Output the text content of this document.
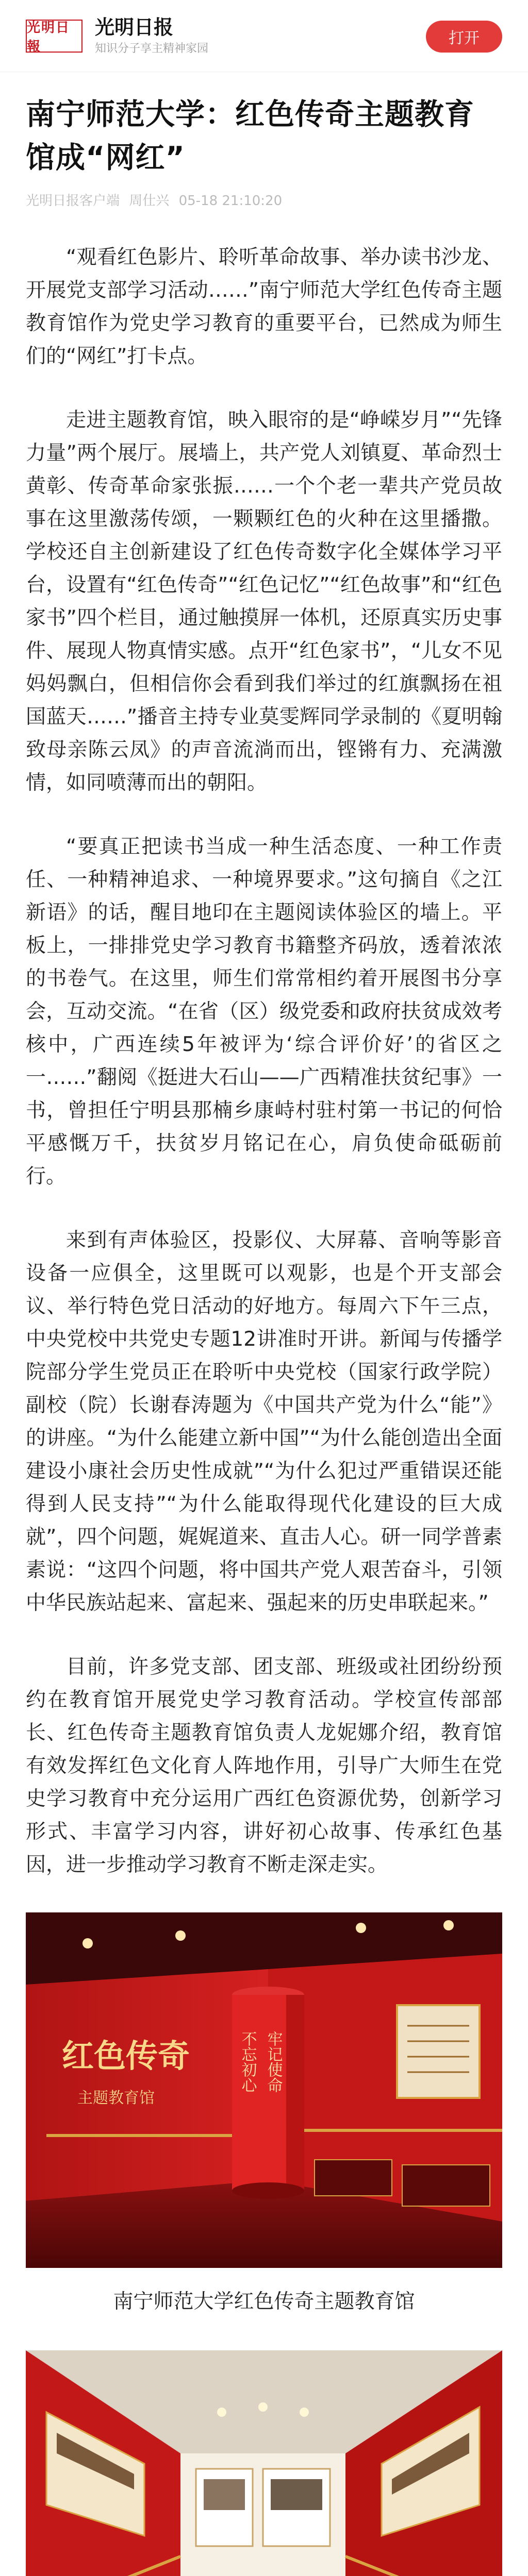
光明日報
光明日报
知识分子享主精神家园
打开
南宁师范大学：红色传奇主题教育馆成“网红”
光明日报客户端 周仕兴 05-18 21:10:20

“观看红色影片、聆听革命故事、举办读书沙龙、开展党支部学习活动……”南宁师范大学红色传奇主题教育馆作为党史学习教育的重要平台，已然成为师生们的“网红”打卡点。

走进主题教育馆，映入眼帘的是“峥嵘岁月”“先锋力量”两个展厅。展墙上，共产党人刘镇夏、革命烈士黄彰、传奇革命家张振……一个个老一辈共产党员故事在这里激荡传颂，一颗颗红色的火种在这里播撒。学校还自主创新建设了红色传奇数字化全媒体学习平台，设置有“红色传奇”“红色记忆”“红色故事”和“红色家书”四个栏目，通过触摸屏一体机，还原真实历史事件、展现人物真情实感。点开“红色家书”，“儿女不见妈妈飘白，但相信你会看到我们举过的红旗飘扬在祖国蓝天……”播音主持专业莫雯辉同学录制的《夏明翰致母亲陈云凤》的声音流淌而出，铿锵有力、充满激情，如同喷薄而出的朝阳。

“要真正把读书当成一种生活态度、一种工作责任、一种精神追求、一种境界要求。”这句摘自《之江新语》的话，醒目地印在主题阅读体验区的墙上。平板上，一排排党史学习教育书籍整齐码放，透着浓浓的书卷气。在这里，师生们常常相约着开展图书分享会，互动交流。“在省（区）级党委和政府扶贫成效考核中，广西连续5年被评为‘综合评价好’的省区之一……”翻阅《挺进大石山——广西精准扶贫纪事》一书，曾担任宁明县那楠乡康峙村驻村第一书记的何恰平感慨万千，扶贫岁月铭记在心，肩负使命砥砺前行。

来到有声体验区，投影仪、大屏幕、音响等影音设备一应俱全，这里既可以观影，也是个开支部会议、举行特色党日活动的好地方。每周六下午三点，中央党校中共党史专题12讲准时开讲。新闻与传播学院部分学生党员正在聆听中央党校（国家行政学院）副校（院）长谢春涛题为《中国共产党为什么“能”》的讲座。“为什么能建立新中国”“为什么能创造出全面建设小康社会历史性成就”“为什么犯过严重错误还能得到人民支持”“为什么能取得现代化建设的巨大成就”，四个问题，娓娓道来、直击人心。研一同学普素素说：“这四个问题，将中国共产党人艰苦奋斗，引领中华民族站起来、富起来、强起来的历史串联起来。”

目前，许多党支部、团支部、班级或社团纷纷预约在教育馆开展党史学习教育活动。学校宣传部部长、红色传奇主题教育馆负责人龙妮娜介绍，教育馆有效发挥红色文化育人阵地作用，引导广大师生在党史学习教育中充分运用广西红色资源优势，创新学习形式、丰富学习内容，讲好初心故事、传承红色基因，进一步推动学习教育不断走深走实。

红色传奇
主题教育馆
不忘初心 牢记使命
南宁师范大学红色传奇主题教育馆
